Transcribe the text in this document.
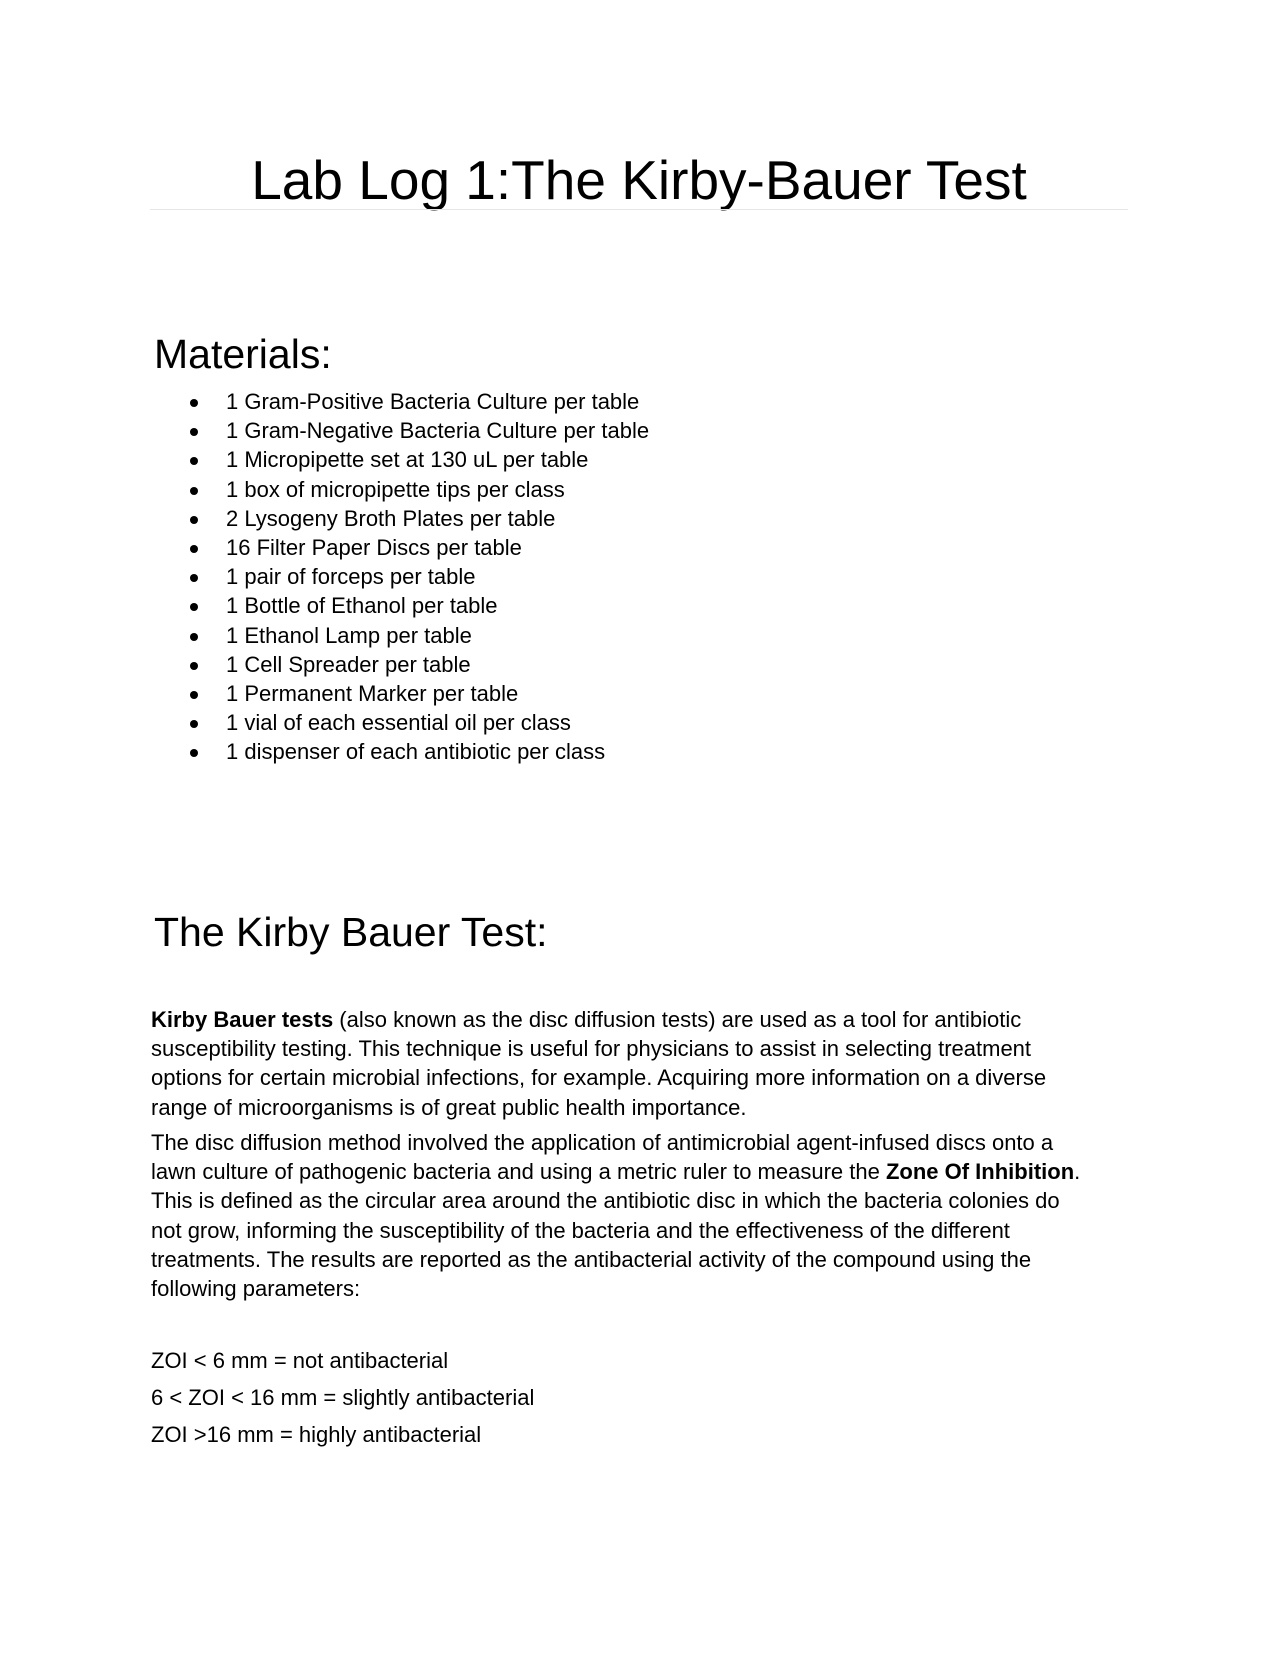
Lab Log 1:The Kirby-Bauer Test
Materials:
1 Gram-Positive Bacteria Culture per table
1 Gram-Negative Bacteria Culture per table
1 Micropipette set at 130 uL per table
1 box of micropipette tips per class
2 Lysogeny Broth Plates per table
16 Filter Paper Discs per table
1 pair of forceps per table
1 Bottle of Ethanol per table
1 Ethanol Lamp per table
1 Cell Spreader per table
1 Permanent Marker per table
1 vial of each essential oil per class
1 dispenser of each antibiotic per class
The Kirby Bauer Test:

Kirby Bauer tests (also known as the disc diffusion tests) are used as a tool for antibiotic susceptibility testing. This technique is useful for physicians to assist in selecting treatment options for certain microbial infections, for example. Acquiring more information on a diverse range of microorganisms is of great public health importance.

The disc diffusion method involved the application of antimicrobial agent-infused discs onto a lawn culture of pathogenic bacteria and using a metric ruler to measure the Zone Of Inhibition. This is defined as the circular area around the antibiotic disc in which the bacteria colonies do not grow, informing the susceptibility of the bacteria and the effectiveness of the different treatments. The results are reported as the antibacterial activity of the compound using the following parameters:

ZOI < 6 mm = not antibacterial

6 < ZOI < 16 mm = slightly antibacterial

ZOI >16 mm = highly antibacterial
